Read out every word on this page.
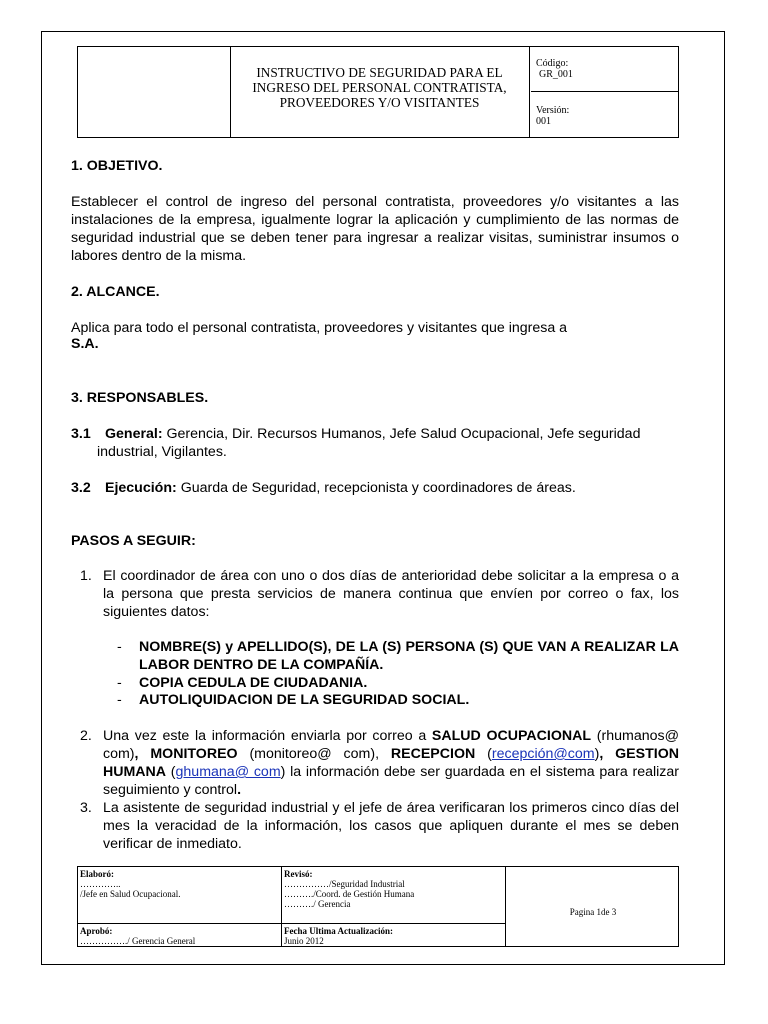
INSTRUCTIVO DE SEGURIDAD PARA EL
INGRESO DEL PERSONAL CONTRATISTA,
PROVEEDORES Y/O VISITANTES
Código:
GR_001
Versión:
001
1. OBJETIVO.
Establecer el control de ingreso del personal contratista, proveedores y/o visitantes a las instalaciones de la empresa, igualmente lograr la aplicación y cumplimiento de las normas de seguridad industrial que se deben tener para ingresar a realizar visitas, suministrar insumos o labores dentro de la misma.
2. ALCANCE.
Aplica para todo el personal contratista, proveedores y visitantes que ingresa a
S.A.
3. RESPONSABLES.
3.1 General: Gerencia, Dir. Recursos Humanos, Jefe Salud Ocupacional, Jefe seguridad
industrial, Vigilantes.
3.2 Ejecución: Guarda de Seguridad, recepcionista y coordinadores de áreas.
PASOS A SEGUIR:
1. El coordinador de área con uno o dos días de anterioridad debe solicitar a la empresa o a la persona que presta servicios de manera continua que envíen por correo o fax, los siguientes datos:
-	NOMBRE(S) y APELLIDO(S), DE LA (S) PERSONA (S) QUE VAN A REALIZAR LA LABOR DENTRO DE LA COMPAÑÍA.
-	COPIA CEDULA DE CIUDADANIA.
-	AUTOLIQUIDACION DE LA SEGURIDAD SOCIAL.
2. Una vez este la información enviarla por correo a SALUD OCUPACIONAL (rhumanos@ com), MONITOREO (monitoreo@ com), RECEPCION (recepción@com), GESTION HUMANA (ghumana@ com) la información debe ser guardada en el sistema para realizar seguimiento y control.
3. La asistente de seguridad industrial y el jefe de área verificaran los primeros cinco días del mes la veracidad de la información, los casos que apliquen durante el mes se deben verificar de inmediato.
Elaboró:
…………..
/Jefe en Salud Ocupacional.
Revisó:
……………/Seguridad Industrial
………./Coord. de Gestión Humana
………./ Gerencia
Aprobó:
……………./ Gerencia General
Fecha Ultima Actualización:
Junio 2012
Pagina 1de 3
